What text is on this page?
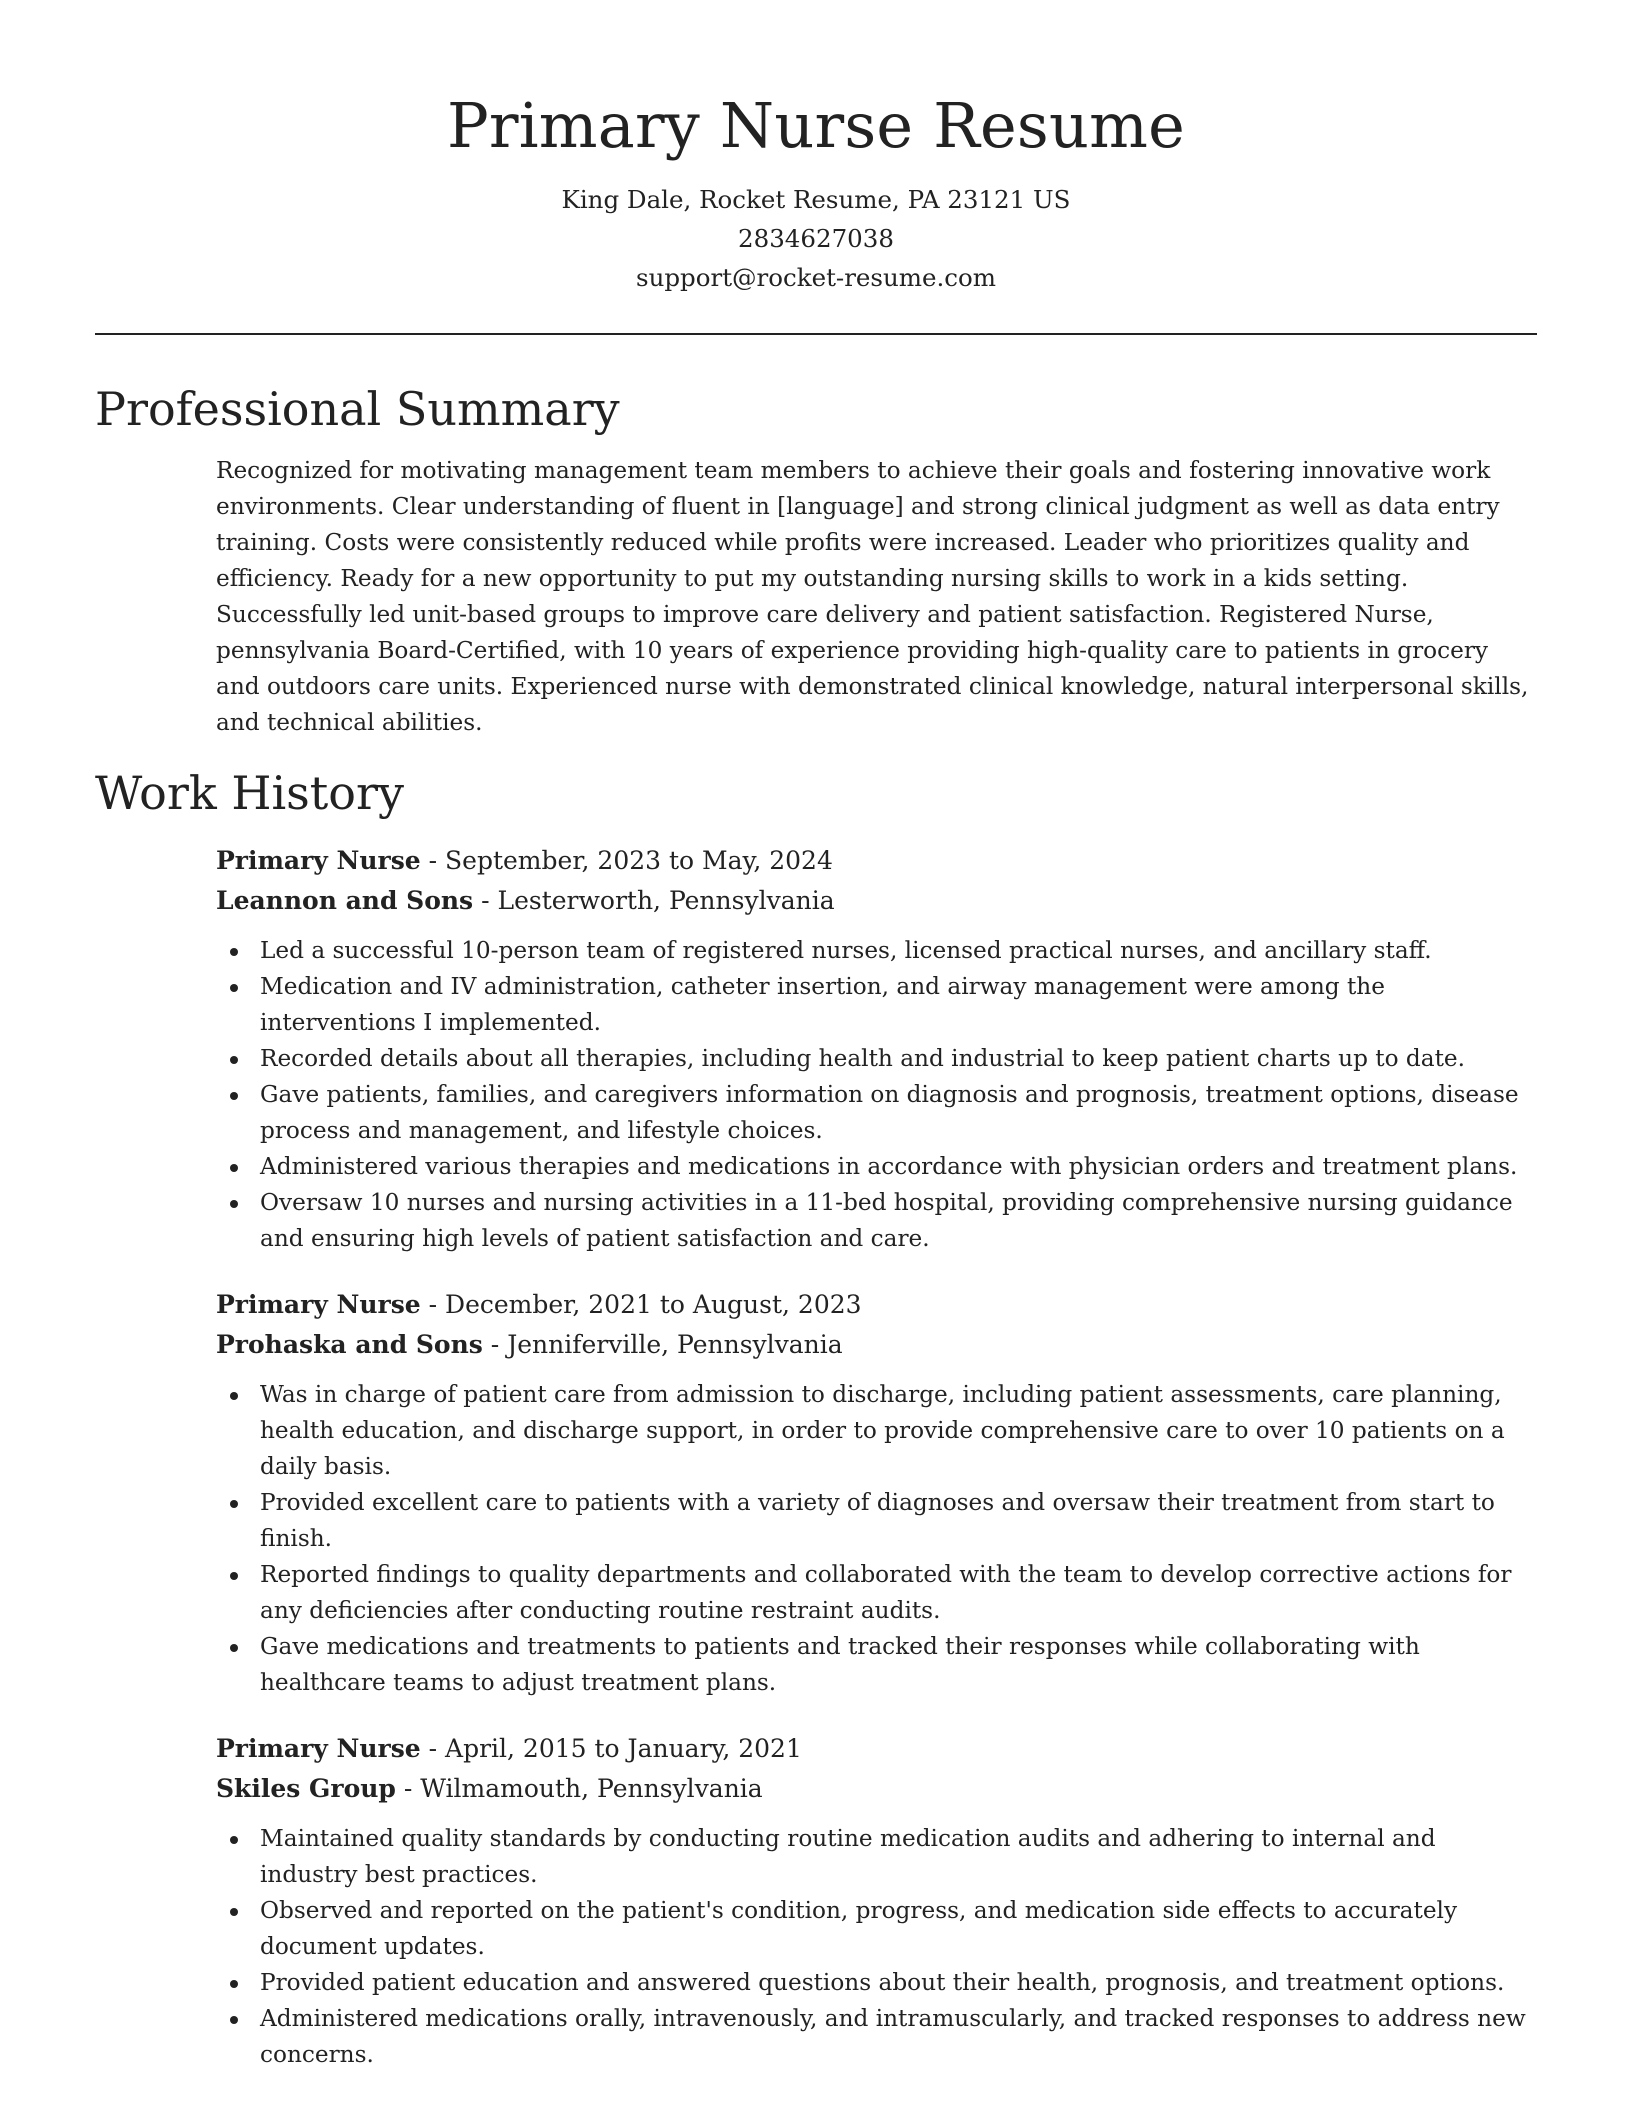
Primary Nurse Resume

King Dale, Rocket Resume, PA 23121 US

2834627038

support@rocket-resume.com

Professional Summary

Recognized for motivating management team members to achieve their goals and fostering innovative work environments. Clear understanding of fluent in [language] and strong clinical judgment as well as data entry training. Costs were consistently reduced while profits were increased. Leader who prioritizes quality and efficiency. Ready for a new opportunity to put my outstanding nursing skills to work in a kids setting. Successfully led unit-based groups to improve care delivery and patient satisfaction. Registered Nurse, pennsylvania Board-Certified, with 10 years of experience providing high-quality care to patients in grocery and outdoors care units. Experienced nurse with demonstrated clinical knowledge, natural interpersonal skills, and technical abilities.

Work History

Primary Nurse - September, 2023 to May, 2024

Leannon and Sons - Lesterworth, Pennsylvania

Led a successful 10-person team of registered nurses, licensed practical nurses, and ancillary staff.
Medication and IV administration, catheter insertion, and airway management were among the interventions I implemented.
Recorded details about all therapies, including health and industrial to keep patient charts up to date.
Gave patients, families, and caregivers information on diagnosis and prognosis, treatment options, disease process and management, and lifestyle choices.
Administered various therapies and medications in accordance with physician orders and treatment plans.
Oversaw 10 nurses and nursing activities in a 11-bed hospital, providing comprehensive nursing guidance and ensuring high levels of patient satisfaction and care.

Primary Nurse - December, 2021 to August, 2023

Prohaska and Sons - Jenniferville, Pennsylvania

Was in charge of patient care from admission to discharge, including patient assessments, care planning, health education, and discharge support, in order to provide comprehensive care to over 10 patients on a daily basis.
Provided excellent care to patients with a variety of diagnoses and oversaw their treatment from start to finish.
Reported findings to quality departments and collaborated with the team to develop corrective actions for any deficiencies after conducting routine restraint audits.
Gave medications and treatments to patients and tracked their responses while collaborating with healthcare teams to adjust treatment plans.

Primary Nurse - April, 2015 to January, 2021

Skiles Group - Wilmamouth, Pennsylvania

Maintained quality standards by conducting routine medication audits and adhering to internal and industry best practices.
Observed and reported on the patient's condition, progress, and medication side effects to accurately document updates.
Provided patient education and answered questions about their health, prognosis, and treatment options.
Administered medications orally, intravenously, and intramuscularly, and tracked responses to address new concerns.
